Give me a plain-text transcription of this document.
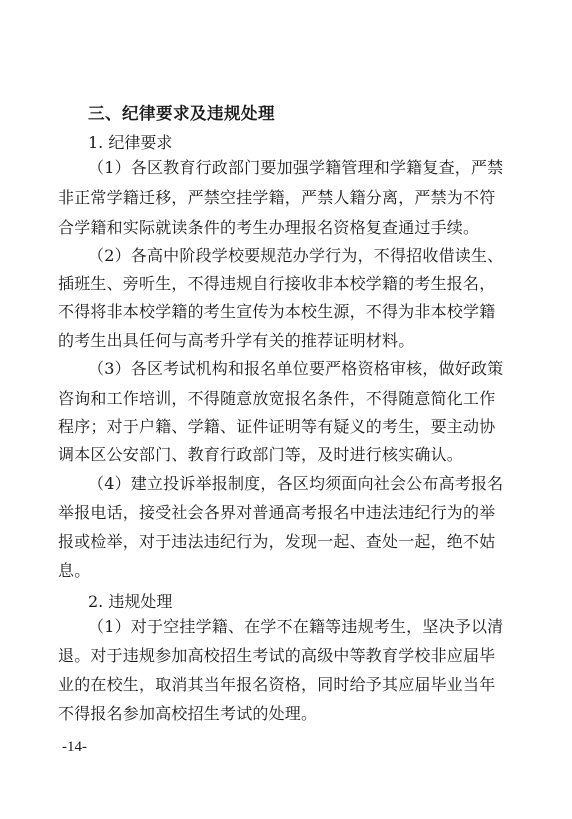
三、纪律要求及违规处理
1. 纪律要求
（1）各区教育行政部门要加强学籍管理和学籍复查，严禁
非正常学籍迁移，严禁空挂学籍，严禁人籍分离，严禁为不符
合学籍和实际就读条件的考生办理报名资格复查通过手续。
（2）各高中阶段学校要规范办学行为，不得招收借读生、
插班生、旁听生，不得违规自行接收非本校学籍的考生报名，
不得将非本校学籍的考生宣传为本校生源，不得为非本校学籍
的考生出具任何与高考升学有关的推荐证明材料。
（3）各区考试机构和报名单位要严格资格审核，做好政策
咨询和工作培训，不得随意放宽报名条件，不得随意简化工作
程序；对于户籍、学籍、证件证明等有疑义的考生，要主动协
调本区公安部门、教育行政部门等，及时进行核实确认。
（4）建立投诉举报制度，各区均须面向社会公布高考报名
举报电话，接受社会各界对普通高考报名中违法违纪行为的举
报或检举，对于违法违纪行为，发现一起、查处一起，绝不姑
息。
2. 违规处理
（1）对于空挂学籍、在学不在籍等违规考生，坚决予以清
退。对于违规参加高校招生考试的高级中等教育学校非应届毕
业的在校生，取消其当年报名资格，同时给予其应届毕业当年
不得报名参加高校招生考试的处理。
-14-
